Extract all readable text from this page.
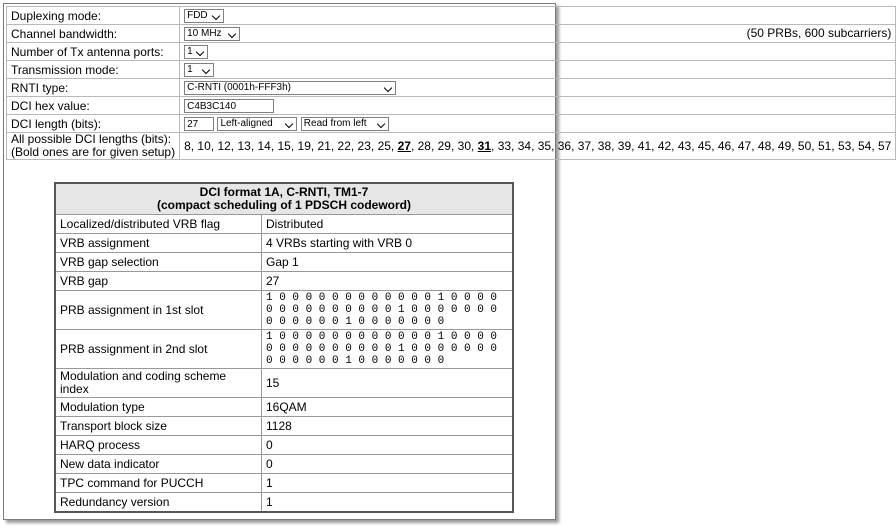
Duplexing mode:	FDD

Channel bandwidth:	10 MHz (50 PRBs, 600 subcarriers)

Number of Tx antenna ports:	1

Transmission mode:	1

RNTI type:	C-RNTI (0001h-FFF3h)

DCI hex value:	C4B3C140
DCI length (bits):	27 Left-aligned
Read from left

All possible DCI lengths (bits):
(Bold ones are for given setup)	8, 10, 12, 13, 14, 15, 19, 21, 22, 23, 25, 27, 28, 29, 30, 31, 33, 34, 35, 36, 37, 38, 39, 41, 42, 43, 45, 46, 47, 48, 49, 50, 51, 53, 54, 57
DCI format 1A, C-RNTI, TM1-7
(compact scheduling of 1 PDSCH codeword)	
Localized/distributed VRB flag	Distributed
VRB assignment	4 VRBs starting with VRB 0
VRB gap selection	Gap 1
VRB gap	27
PRB assignment in 1st slot	1 0 0 0 0 0 0 0 0 0 0 0 0 1 0 0 0 0 0 0 0 0 0 0 0 0 0 0 1 0 0 0 0 0 0 0 0 0 0 0 0 0 1 0 0 0 0 0 0 0
PRB assignment in 2nd slot	1 0 0 0 0 0 0 0 0 0 0 0 0 1 0 0 0 0 0 0 0 0 0 0 0 0 0 0 1 0 0 0 0 0 0 0 0 0 0 0 0 0 1 0 0 0 0 0 0 0
Modulation and coding scheme index	15
Modulation type	16QAM
Transport block size	1128
HARQ process	0
New data indicator	0
TPC command for PUCCH	1
Redundancy version	1
